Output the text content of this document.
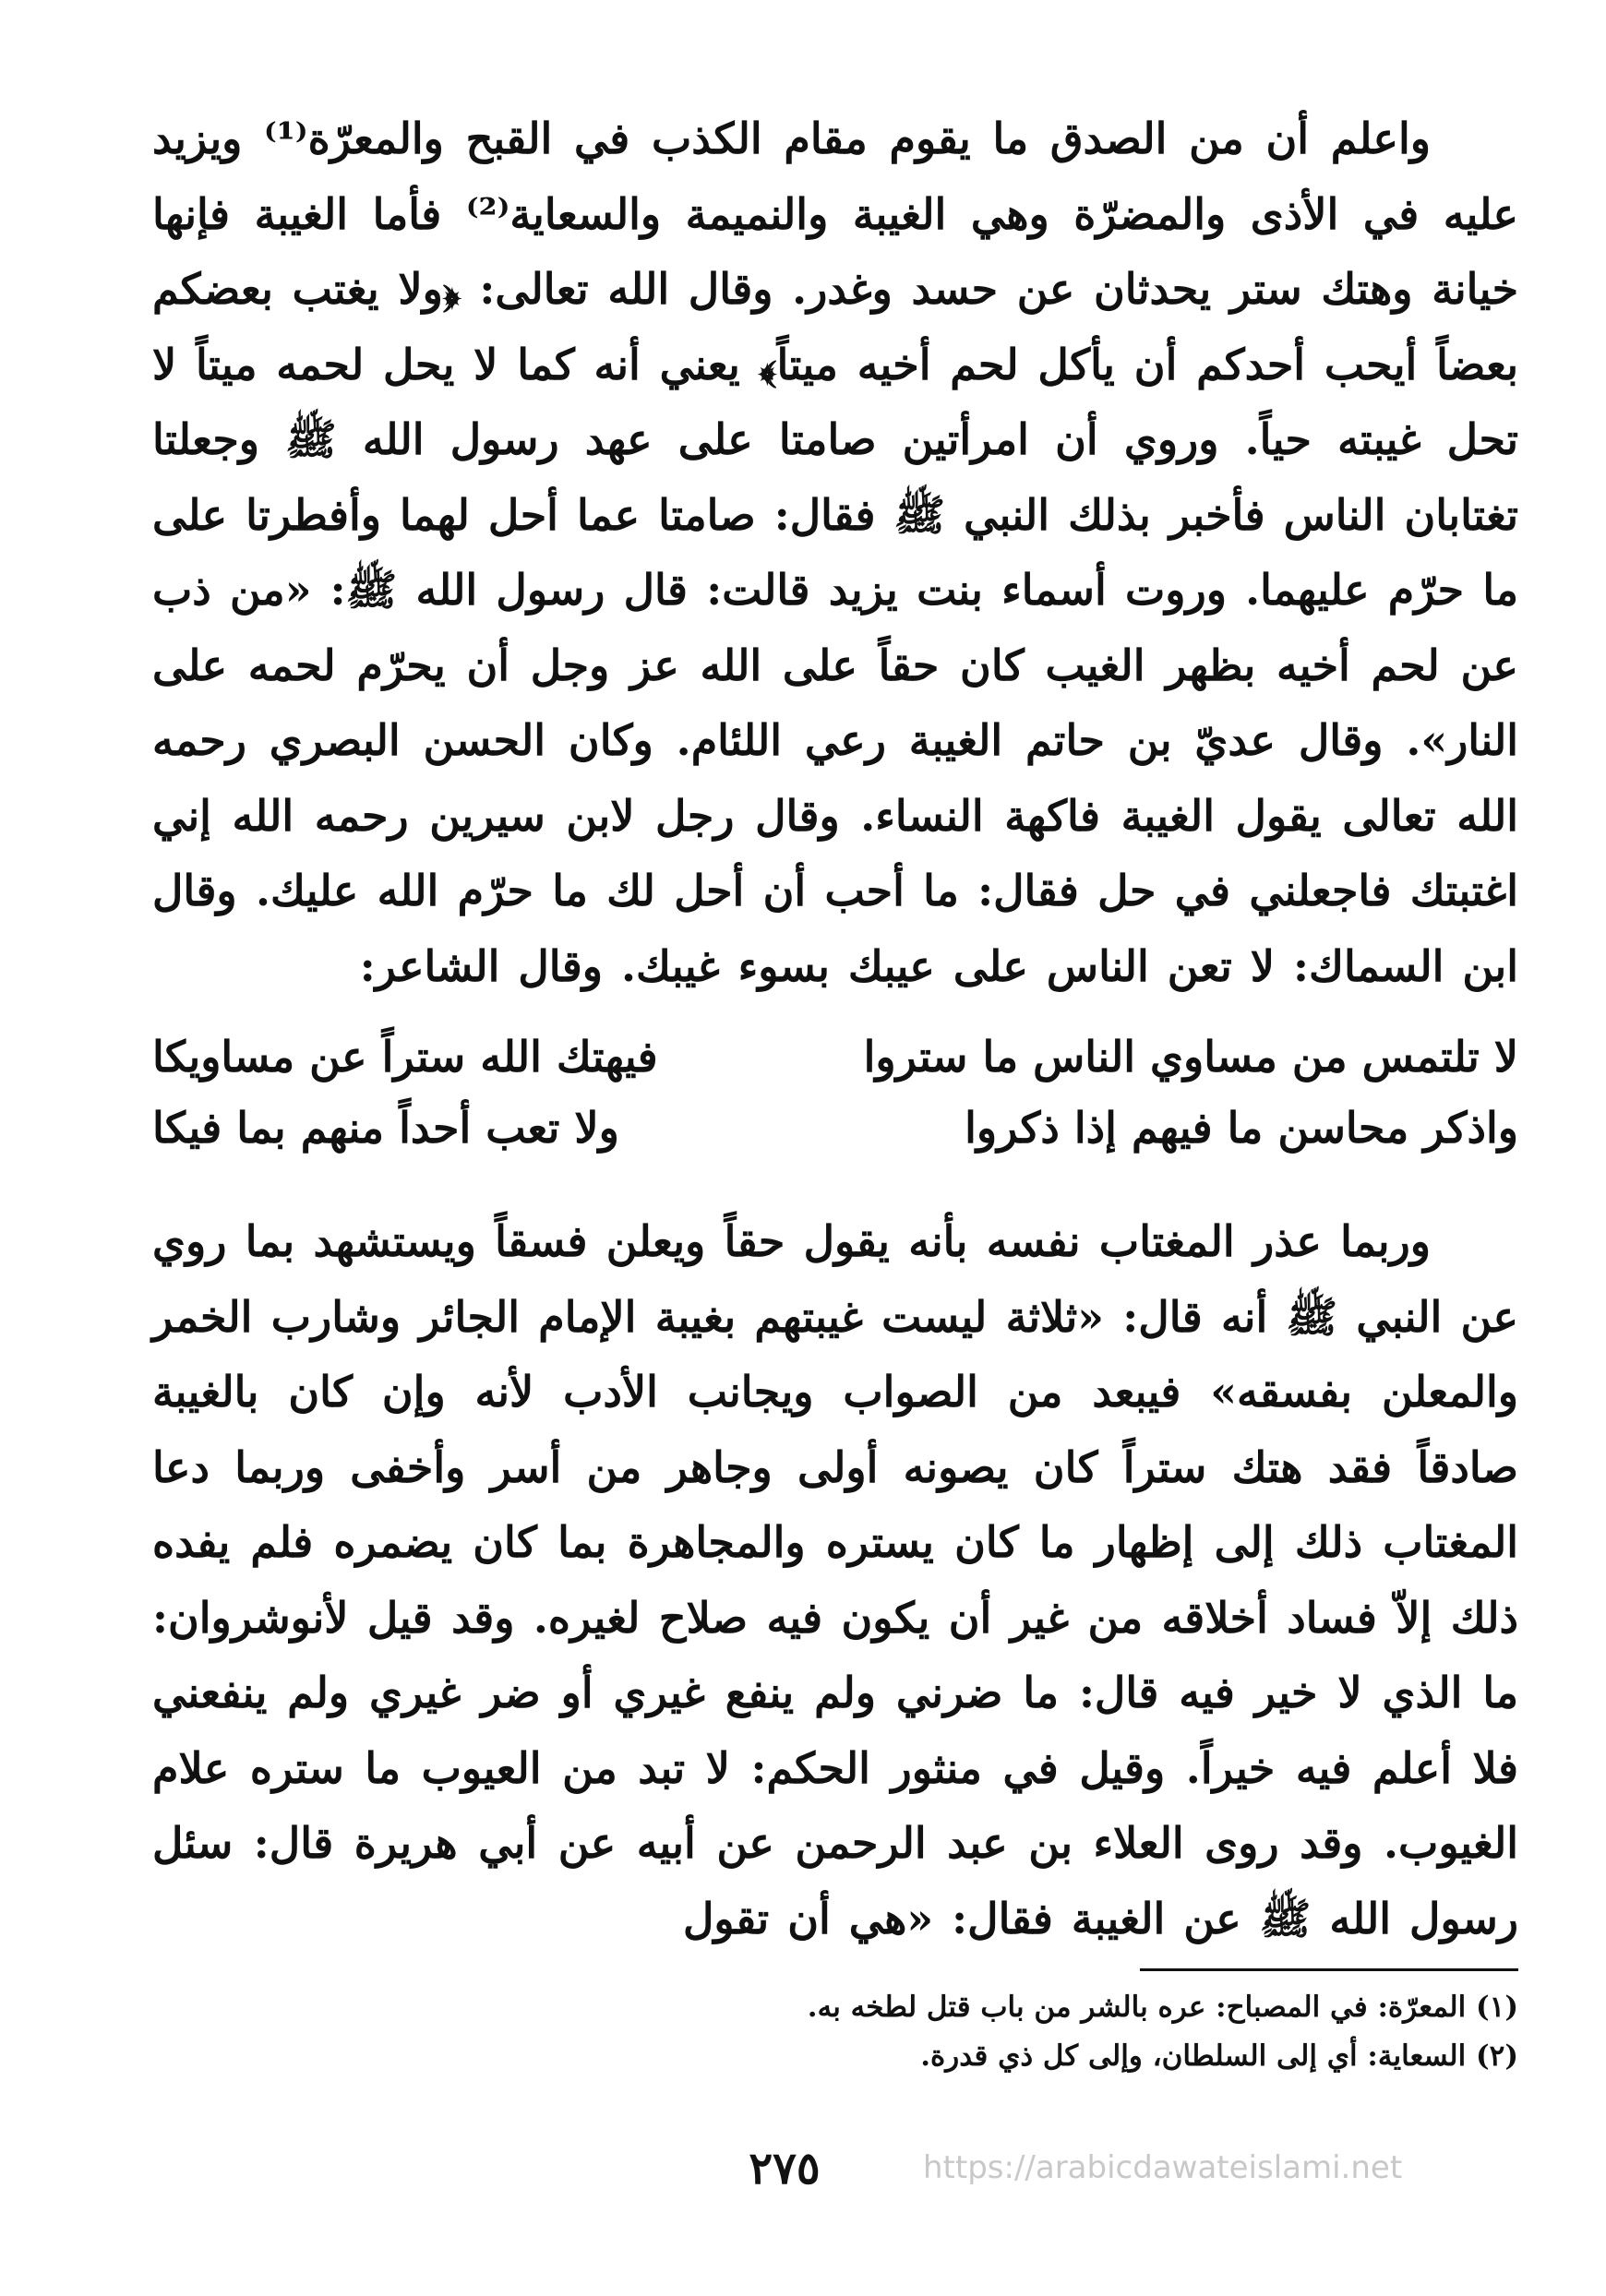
واعلم أن من الصدق ما يقوم مقام الكذب في القبح والمعرّة⁽¹⁾ ويزيد عليه في الأذى والمضرّة وهي الغيبة والنميمة والسعاية⁽²⁾ فأما الغيبة فإنها خيانة وهتك ستر يحدثان عن حسد وغدر. وقال الله تعالى: ﴿ولا يغتب بعضكم بعضاً أيحب أحدكم أن يأكل لحم أخيه ميتاً﴾ يعني أنه كما لا يحل لحمه ميتاً لا تحل غيبته حياً. وروي أن امرأتين صامتا على عهد رسول الله ﷺ وجعلتا تغتابان الناس فأخبر بذلك النبي ﷺ فقال: صامتا عما أحل لهما وأفطرتا على ما حرّم عليهما. وروت أسماء بنت يزيد قالت: قال رسول الله ﷺ: «من ذب عن لحم أخيه بظهر الغيب كان حقاً على الله عز وجل أن يحرّم لحمه على النار». وقال عديّ بن حاتم الغيبة رعي اللئام. وكان الحسن البصري رحمه الله تعالى يقول الغيبة فاكهة النساء. وقال رجل لابن سيرين رحمه الله إني اغتبتك فاجعلني في حل فقال: ما أحب أن أحل لك ما حرّم الله عليك. وقال ابن السماك: لا تعن الناس على عيبك بسوء غيبك. وقال الشاعر:

لا تلتمس من مساوي الناس ما ستروا
فيهتك الله ستراً عن مساويكا
واذكر محاسن ما فيهم إذا ذكروا
ولا تعب أحداً منهم بما فيكا

وربما عذر المغتاب نفسه بأنه يقول حقاً ويعلن فسقاً ويستشهد بما روي عن النبي ﷺ أنه قال: «ثلاثة ليست غيبتهم بغيبة الإمام الجائر وشارب الخمر والمعلن بفسقه» فيبعد من الصواب ويجانب الأدب لأنه وإن كان بالغيبة صادقاً فقد هتك ستراً كان يصونه أولى وجاهر من أسر وأخفى وربما دعا المغتاب ذلك إلى إظهار ما كان يستره والمجاهرة بما كان يضمره فلم يفده ذلك إلاّ فساد أخلاقه من غير أن يكون فيه صلاح لغيره. وقد قيل لأنوشروان: ما الذي لا خير فيه قال: ما ضرني ولم ينفع غيري أو ضر غيري ولم ينفعني فلا أعلم فيه خيراً. وقيل في منثور الحكم: لا تبد من العيوب ما ستره علام الغيوب. وقد روى العلاء بن عبد الرحمن عن أبيه عن أبي هريرة قال: سئل رسول الله ﷺ عن الغيبة فقال: «هي أن تقول

(١) المعرّة: في المصباح: عره بالشر من باب قتل لطخه به.

(٢) السعاية: أي إلى السلطان، وإلى كل ذي قدرة.

٢٧٥	https://arabicdawateislami.net
